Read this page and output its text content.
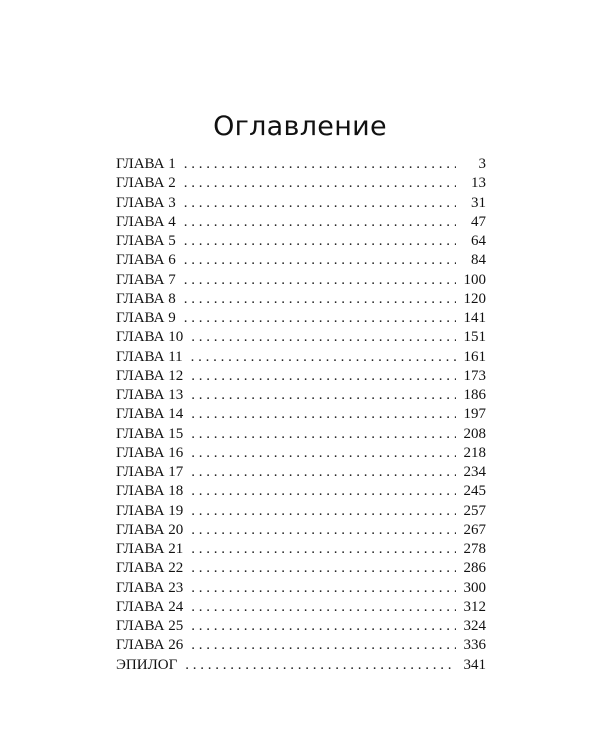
Оглавление
ГЛАВА 1 . . .	3
ГЛАВА 2 . . .	13
ГЛАВА 3 . . .	31
ГЛАВА 4 . . .	47
ГЛАВА 5 . . .	64
ГЛАВА 6 . . .	84
ГЛАВА 7 . . .	100
ГЛАВА 8 . . .	120
ГЛАВА 9 . . .	141
ГЛАВА 10 . . .	151
ГЛАВА 11 . . .	161
ГЛАВА 12 . . .	173
ГЛАВА 13 . . .	186
ГЛАВА 14 . . .	197
ГЛАВА 15 . . .	208
ГЛАВА 16 . . .	218
ГЛАВА 17 . . .	234
ГЛАВА 18 . . .	245
ГЛАВА 19 . . .	257
ГЛАВА 20 . . .	267
ГЛАВА 21 . . .	278
ГЛАВА 22 . . .	286
ГЛАВА 23 . . .	300
ГЛАВА 24 . . .	312
ГЛАВА 25 . . .	324
ГЛАВА 26 . . .	336
ЭПИЛОГ . . .	341
